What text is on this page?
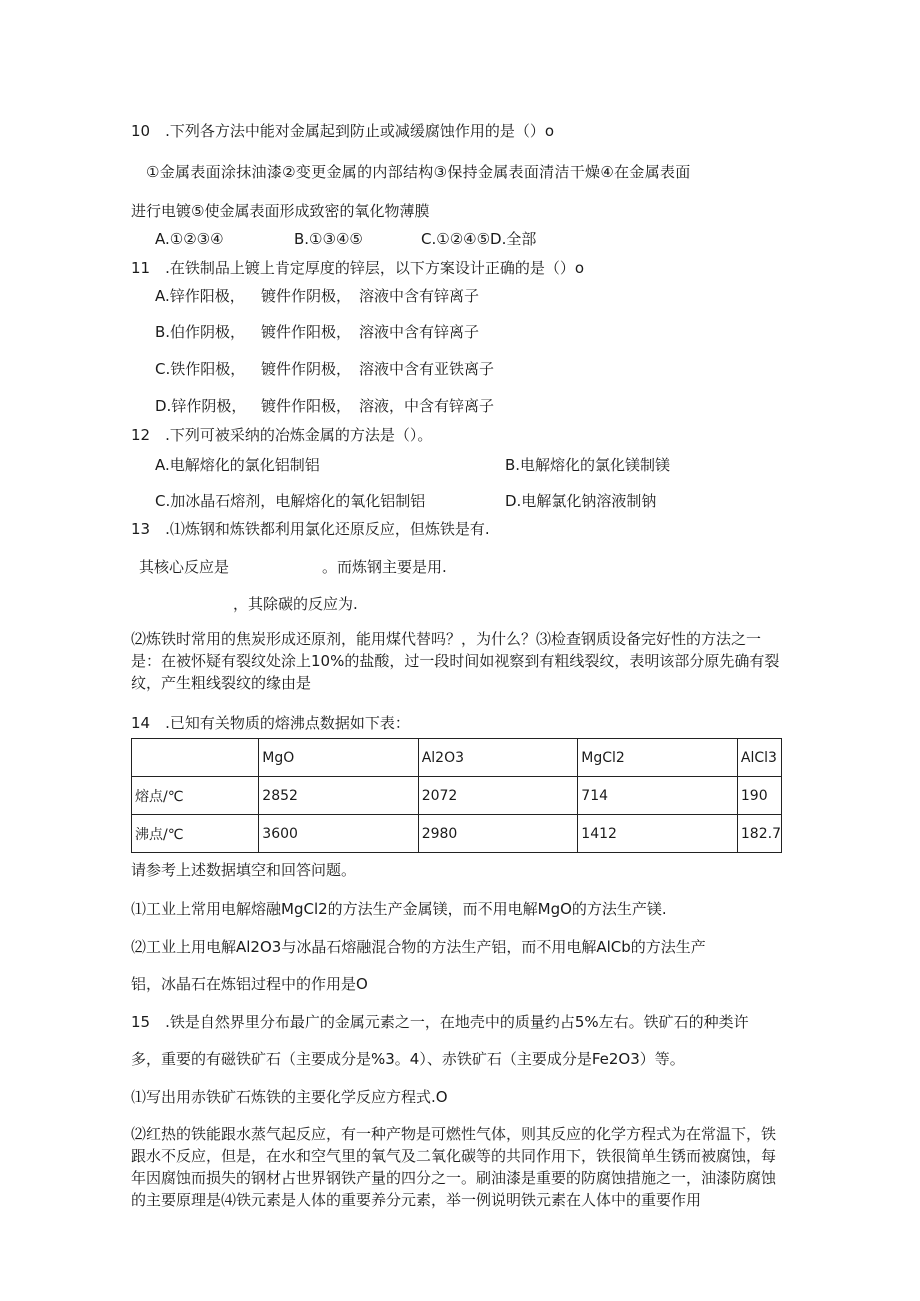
10　.下列各方法中能对金属起到防止或减缓腐蚀作用的是（）o
①金属表面涂抹油漆②变更金属的内部结构③保持金属表面清洁干燥④在金属表面
进行电镀⑤使金属表面形成致密的氧化物薄膜
A.①②③④	B.①③④⑤	C.①②④⑤D.全部
11　.在铁制品上镀上肯定厚度的锌层，以下方案设计正确的是（）o
A.锌作阳极， 镀件作阴极， 溶液中含有锌离子
B.伯作阴极， 镀件作阳极， 溶液中含有锌离子
C.铁作阳极， 镀件作阴极， 溶液中含有亚铁离子
D.锌作阴极， 镀件作阳极， 溶液，中含有锌离子
12　.下列可被采纳的冶炼金属的方法是（）。
A.电解熔化的氯化铝制铝	B.电解熔化的氯化镁制镁
C.加冰晶石熔剂，电解熔化的氧化铝制铝	D.电解氯化钠溶液制钠
13　.⑴炼钢和炼铁都利用氯化还原反应，但炼铁是有.
其核心反应是	。而炼钢主要是用.
，其除碳的反应为.
⑵炼铁时常用的焦炭形成还原剂，能用煤代替吗？，为什么？⑶检查钢质设备完好性的方法之一是：在被怀疑有裂纹处涂上10%的盐酸，过一段时间如视察到有粗线裂纹，表明该部分原先确有裂纹，产生粗线裂纹的缘由是
14　.已知有关物质的熔沸点数据如下表：
	MgO	Al2O3	MgCl2	AlCl3
熔点/℃	2852	2072	714	190
沸点/℃	3600	2980	1412	182.7
请参考上述数据填空和回答问题。
⑴工业上常用电解熔融MgCl2的方法生产金属镁，而不用电解MgO的方法生产镁.
⑵工业上用电解Al2O3与冰晶石熔融混合物的方法生产铝，而不用电解AlCb的方法生产
铝，冰晶石在炼铝过程中的作用是O
15　.铁是自然界里分布最广的金属元素之一，在地壳中的质量约占5%左右。铁矿石的种类许
多，重要的有磁铁矿石（主要成分是%3。4）、赤铁矿石（主要成分是Fe2O3）等。
⑴写出用赤铁矿石炼铁的主要化学反应方程式.O
⑵红热的铁能跟水蒸气起反应，有一种产物是可燃性气体，则其反应的化学方程式为在常温下，铁跟水不反应，但是，在水和空气里的氧气及二氧化碳等的共同作用下，铁很简单生锈而被腐蚀，每年因腐蚀而损失的钢材占世界钢铁产量的四分之一。刷油漆是重要的防腐蚀措施之一，油漆防腐蚀的主要原理是⑷铁元素是人体的重要养分元素，举一例说明铁元素在人体中的重要作用
